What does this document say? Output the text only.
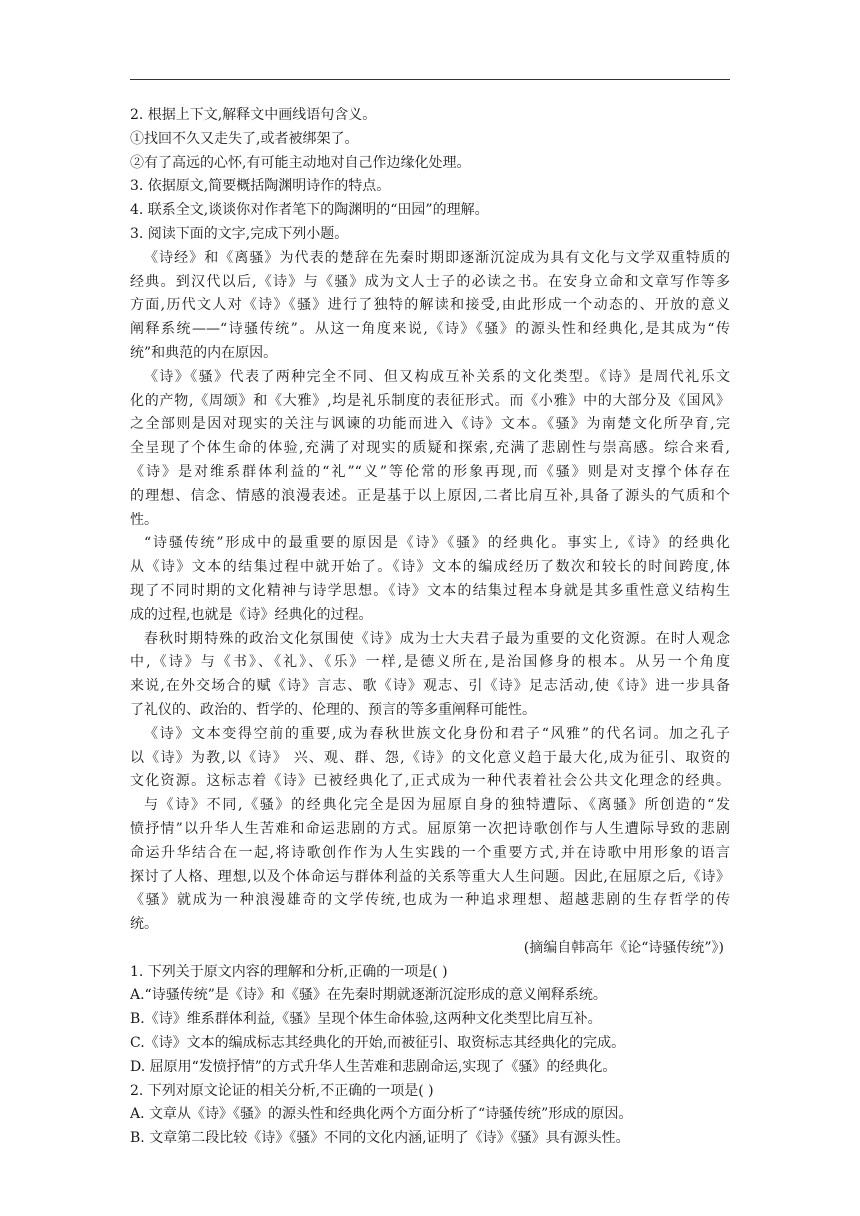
2. 根据上下文,解释文中画线语句含义。
①找回不久又走失了,或者被绑架了。
②有了高远的心怀,有可能主动地对自己作边缘化处理。
3. 依据原文,简要概括陶渊明诗作的特点。
4. 联系全文,谈谈你对作者笔下的陶渊明的“田园”的理解。
3. 阅读下面的文字,完成下列小题。
《诗经》和《离骚》为代表的楚辞在先秦时期即逐渐沉淀成为具有文化与文学双重特质的
经典。到汉代以后,《诗》与《骚》成为文人士子的必读之书。在安身立命和文章写作等多
方面,历代文人对《诗》《骚》进行了独特的解读和接受,由此形成一个动态的、开放的意义
阐释系统——“诗骚传统”。从这一角度来说,《诗》《骚》的源头性和经典化,是其成为“传
统”和典范的内在原因。
《诗》《骚》代表了两种完全不同、但又构成互补关系的文化类型。《诗》是周代礼乐文
化的产物,《周颂》和《大雅》,均是礼乐制度的表征形式。而《小雅》中的大部分及《国风》
之全部则是因对现实的关注与讽谏的功能而进入《诗》文本。《骚》为南楚文化所孕育,完
全呈现了个体生命的体验,充满了对现实的质疑和探索,充满了悲剧性与崇高感。综合来看,
《诗》是对维系群体利益的“礼”“义”等伦常的形象再现,而《骚》则是对支撑个体存在
的理想、信念、情感的浪漫表述。正是基于以上原因,二者比肩互补,具备了源头的气质和个
性。
“诗骚传统”形成中的最重要的原因是《诗》《骚》的经典化。事实上,《诗》的经典化
从《诗》文本的结集过程中就开始了。《诗》文本的编成经历了数次和较长的时间跨度,体
现了不同时期的文化精神与诗学思想。《诗》文本的结集过程本身就是其多重性意义结构生
成的过程,也就是《诗》经典化的过程。
春秋时期特殊的政治文化氛围使《诗》成为士大夫君子最为重要的文化资源。在时人观念
中,《诗》与《书》、《礼》、《乐》一样,是德义所在,是治国修身的根本。从另一个角度
来说,在外交场合的赋《诗》言志、歌《诗》观志、引《诗》足志活动,使《诗》进一步具备
了礼仪的、政治的、哲学的、伦理的、预言的等多重阐释可能性。
《诗》文本变得空前的重要,成为春秋世族文化身份和君子“风雅”的代名词。加之孔子
以《诗》为教,以《诗》 兴、观、群、怨,《诗》的文化意义趋于最大化,成为征引、取资的
文化资源。这标志着《诗》已被经典化了,正式成为一种代表着社会公共文化理念的经典。
与《诗》不同,《骚》的经典化完全是因为屈原自身的独特遭际、《离骚》所创造的“发
愤抒情”以升华人生苦难和命运悲剧的方式。屈原第一次把诗歌创作与人生遭际导致的悲剧
命运升华结合在一起,将诗歌创作作为人生实践的一个重要方式,并在诗歌中用形象的语言
探讨了人格、理想,以及个体命运与群体利益的关系等重大人生问题。因此,在屈原之后,《诗》
《骚》就成为一种浪漫雄奇的文学传统,也成为一种追求理想、超越悲剧的生存哲学的传
统。
(摘编自韩高年《论“诗骚传统”》)
1. 下列关于原文内容的理解和分析,正确的一项是( )
A.“诗骚传统”是《诗》和《骚》在先秦时期就逐渐沉淀形成的意义阐释系统。
B.《诗》维系群体利益,《骚》呈现个体生命体验,这两种文化类型比肩互补。
C.《诗》文本的编成标志其经典化的开始,而被征引、取资标志其经典化的完成。
D. 屈原用“发愤抒情”的方式升华人生苦难和悲剧命运,实现了《骚》的经典化。
2. 下列对原文论证的相关分析,不正确的一项是( )
A. 文章从《诗》《骚》的源头性和经典化两个方面分析了“诗骚传统”形成的原因。
B. 文章第二段比较《诗》《骚》不同的文化内涵,证明了《诗》《骚》具有源头性。
